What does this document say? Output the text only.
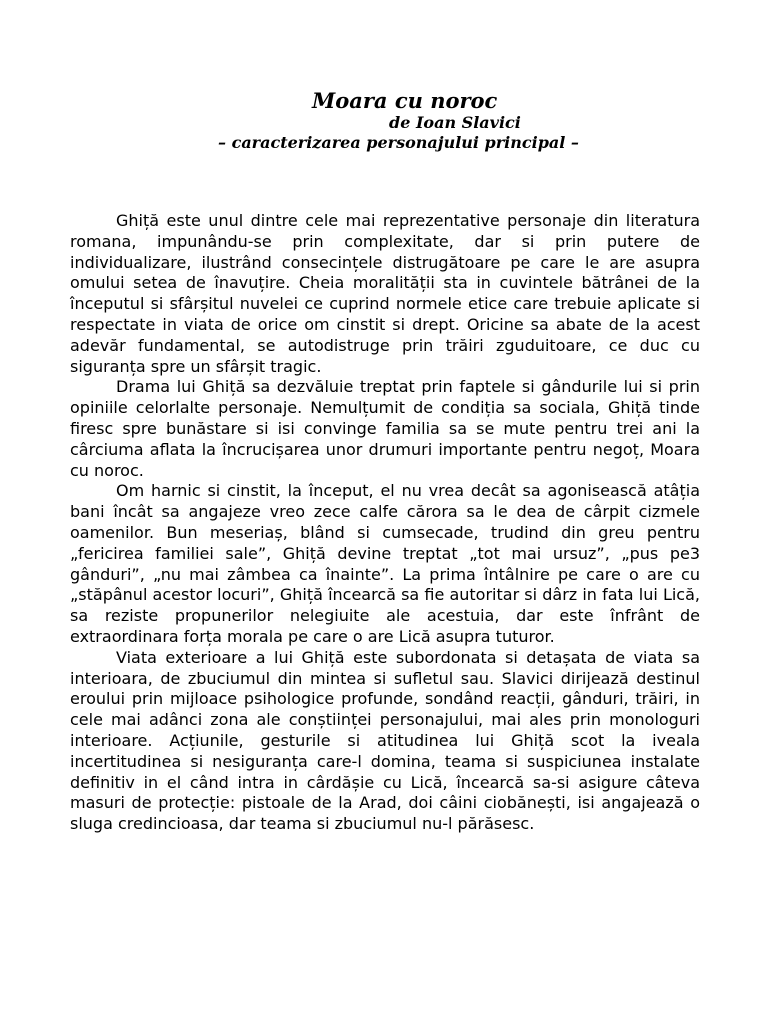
Moara cu noroc
de Ioan Slavici
– caracterizarea personajului principal –

Ghiță este unul dintre cele mai reprezentative personaje din literatura romana, impunându-se prin complexitate, dar si prin putere de individualizare, ilustrând consecințele distrugătoare pe care le are asupra omului setea de înavuțire. Cheia moralității sta in cuvintele bătrânei de la începutul si sfârșitul nuvelei ce cuprind normele etice care trebuie aplicate si respectate in viata de orice om cinstit si drept. Oricine sa abate de la acest adevăr fundamental, se autodistruge prin trăiri zguduitoare, ce duc cu siguranța spre un sfârșit tragic.

Drama lui Ghiță sa dezvăluie treptat prin faptele si gândurile lui si prin opiniile celorlalte personaje. Nemulțumit de condiția sa sociala, Ghiță tinde firesc spre bunăstare si isi convinge familia sa se mute pentru trei ani la cârciuma aflata la încrucișarea unor drumuri importante pentru negoț, Moara cu noroc.

Om harnic si cinstit, la început, el nu vrea decât sa agonisească atâția bani încât sa angajeze vreo zece calfe cărora sa le dea de cârpit cizmele oamenilor. Bun meseriaș, blând si cumsecade, trudind din greu pentru „fericirea familiei sale”, Ghiță devine treptat „tot mai ursuz”, „pus pe3 gânduri”, „nu mai zâmbea ca înainte”. La prima întâlnire pe care o are cu „stăpânul acestor locuri”, Ghiță încearcă sa fie autoritar si dârz in fata lui Lică, sa reziste propunerilor nelegiuite ale acestuia, dar este înfrânt de extraordinara forța morala pe care o are Lică asupra tuturor.

Viata exterioare a lui Ghiță este subordonata si detașata de viata sa interioara, de zbuciumul din mintea si sufletul sau. Slavici dirijează destinul eroului prin mijloace psihologice profunde, sondând reacții, gânduri, trăiri, in cele mai adânci zona ale conștiinței personajului, mai ales prin monologuri interioare. Acțiunile, gesturile si atitudinea lui Ghiță scot la iveala incertitudinea si nesiguranța care-l domina, teama si suspiciunea instalate definitiv in el când intra in cârdășie cu Lică, încearcă sa-si asigure câteva masuri de protecție: pistoale de la Arad, doi câini ciobănești, isi angajează o sluga credincioasa, dar teama si zbuciumul nu-l părăsesc.
